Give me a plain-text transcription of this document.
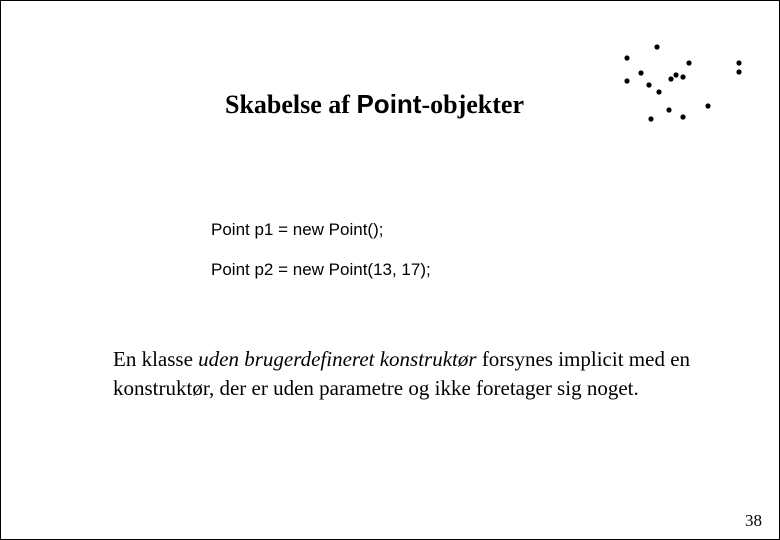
Skabelse af Point-objekter
Point p1 = new Point();
Point p2 = new Point(13, 17);
En klasse uden brugerdefineret konstruktør forsynes implicit med en konstruktør, der er uden parametre og ikke foretager sig noget.
38
